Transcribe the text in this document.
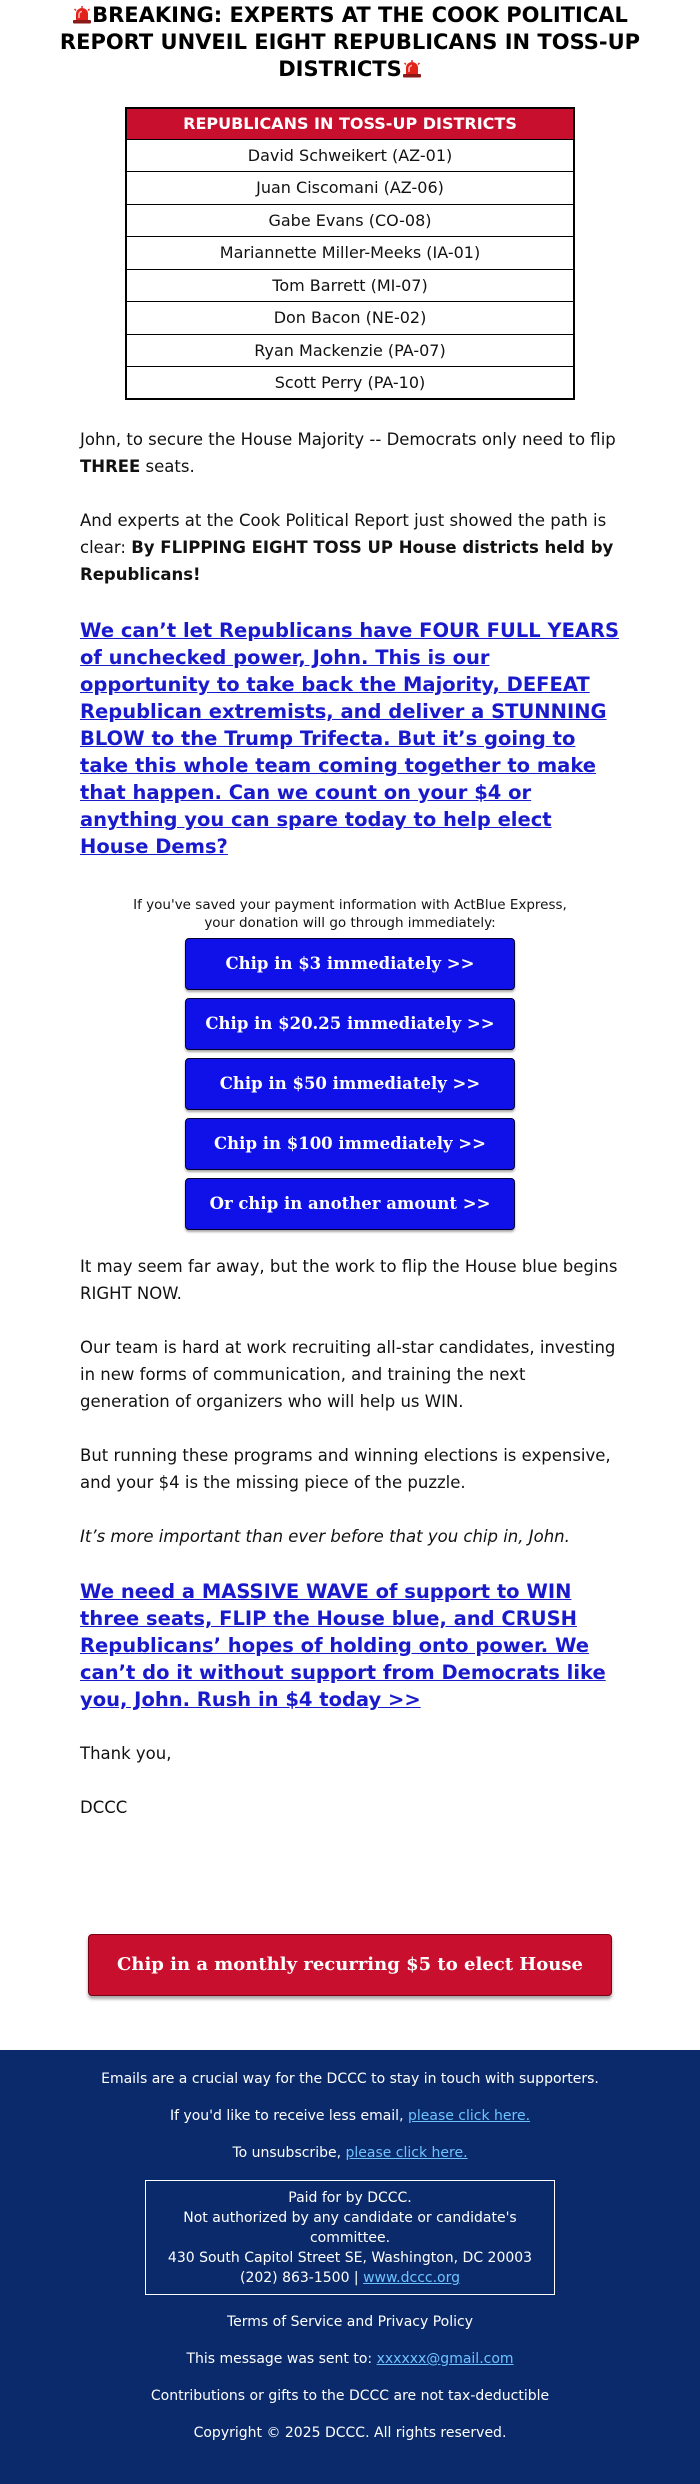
BREAKING: EXPERTS AT THE COOK POLITICAL REPORT UNVEIL EIGHT REPUBLICANS IN TOSS-UP DISTRICTS
REPUBLICANS IN TOSS-UP DISTRICTS
David Schweikert (AZ-01)
Juan Ciscomani (AZ-06)
Gabe Evans (CO-08)
Mariannette Miller-Meeks (IA-01)
Tom Barrett (MI-07)
Don Bacon (NE-02)
Ryan Mackenzie (PA-07)
Scott Perry (PA-10)

John, to secure the House Majority -- Democrats only need to flip THREE seats.

And experts at the Cook Political Report just showed the path is clear: By FLIPPING EIGHT TOSS UP House districts held by Republicans!

We can’t let Republicans have FOUR FULL YEARS of unchecked power, John. This is our opportunity to take back the Majority, DEFEAT Republican extremists, and deliver a STUNNING BLOW to the Trump Trifecta. But it’s going to take this whole team coming together to make that happen. Can we count on your $4 or anything you can spare today to help elect House Dems?
If you've saved your payment information with ActBlue Express,
your donation will go through immediately:
Chip in $3 immediately >>
Chip in $20.25 immediately >>
Chip in $50 immediately >>
Chip in $100 immediately >>
Or chip in another amount >>

It may seem far away, but the work to flip the House blue begins RIGHT NOW.

Our team is hard at work recruiting all-star candidates, investing in new forms of communication, and training the next generation of organizers who will help us WIN.

But running these programs and winning elections is expensive, and your $4 is the missing piece of the puzzle.

It’s more important than ever before that you chip in, John.

We need a MASSIVE WAVE of support to WIN three seats, FLIP the House blue, and CRUSH Republicans’ hopes of holding onto power. We can’t do it without support from Democrats like you, John. Rush in $4 today >>

Thank you,

DCCC

Chip in a monthly recurring $5 to elect House Dems >>

Emails are a crucial way for the DCCC to stay in touch with supporters.

If you'd like to receive less email, please click here.

To unsubscribe, please click here.

Paid for by DCCC.

Not authorized by any candidate or candidate's committee.

430 South Capitol Street SE, Washington, DC 20003

(202) 863-1500 | www.dccc.org

Terms of Service and Privacy Policy

This message was sent to: xxxxxx@gmail.com

Contributions or gifts to the DCCC are not tax-deductible

Copyright © 2025 DCCC. All rights reserved.
